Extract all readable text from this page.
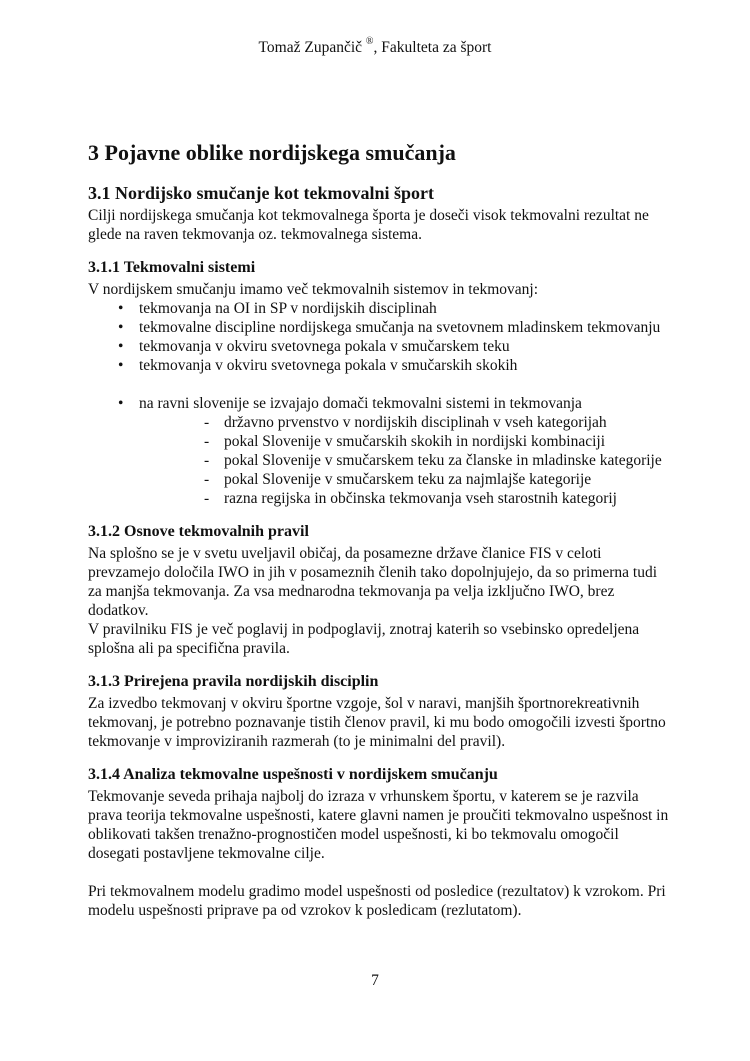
Tomaž Zupančič ®, Fakulteta za šport
3 Pojavne oblike nordijskega smučanja
3.1 Nordijsko smučanje kot tekmovalni šport

Cilji nordijskega smučanja kot tekmovalnega športa je doseči visok tekmovalni rezultat ne

glede na raven tekmovanja oz. tekmovalnega sistema.

3.1.1 Tekmovalni sistemi

V nordijskem smučanju imamo več tekmovalnih sistemov in tekmovanj:

• tekmovanja na OI in SP v nordijskih disciplinah
• tekmovalne discipline nordijskega smučanja na svetovnem mladinskem tekmovanju
• tekmovanja v okviru svetovnega pokala v smučarskem teku
• tekmovanja v okviru svetovnega pokala v smučarskih skokih
• na ravni slovenije se izvajajo domači tekmovalni sistemi in tekmovanja
- državno prvenstvo v nordijskih disciplinah v vseh kategorijah
- pokal Slovenije v smučarskih skokih in nordijski kombinaciji
- pokal Slovenije v smučarskem teku za članske in mladinske kategorije
- pokal Slovenije v smučarskem teku za najmlajše kategorije
- razna regijska in občinska tekmovanja vseh starostnih kategorij
3.1.2 Osnove tekmovalnih pravil

Na splošno se je v svetu uveljavil običaj, da posamezne države članice FIS v celoti

prevzamejo določila IWO in jih v posameznih členih tako dopolnjujejo, da so primerna tudi

za manjša tekmovanja. Za vsa mednarodna tekmovanja pa velja izključno IWO, brez

dodatkov.

V pravilniku FIS je več poglavij in podpoglavij, znotraj katerih so vsebinsko opredeljena

splošna ali pa specifična pravila.

3.1.3 Prirejena pravila nordijskih disciplin

Za izvedbo tekmovanj v okviru športne vzgoje, šol v naravi, manjših športnorekreativnih

tekmovanj, je potrebno poznavanje tistih členov pravil, ki mu bodo omogočili izvesti športno

tekmovanje v improviziranih razmerah (to je minimalni del pravil).

3.1.4 Analiza tekmovalne uspešnosti v nordijskem smučanju

Tekmovanje seveda prihaja najbolj do izraza v vrhunskem športu, v katerem se je razvila

prava teorija tekmovalne uspešnosti, katere glavni namen je proučiti tekmovalno uspešnost in

oblikovati takšen trenažno-prognostičen model uspešnosti, ki bo tekmovalu omogočil

dosegati postavljene tekmovalne cilje.

Pri tekmovalnem modelu gradimo model uspešnosti od posledice (rezultatov) k vzrokom. Pri

modelu uspešnosti priprave pa od vzrokov k posledicam (rezlutatom).

7
